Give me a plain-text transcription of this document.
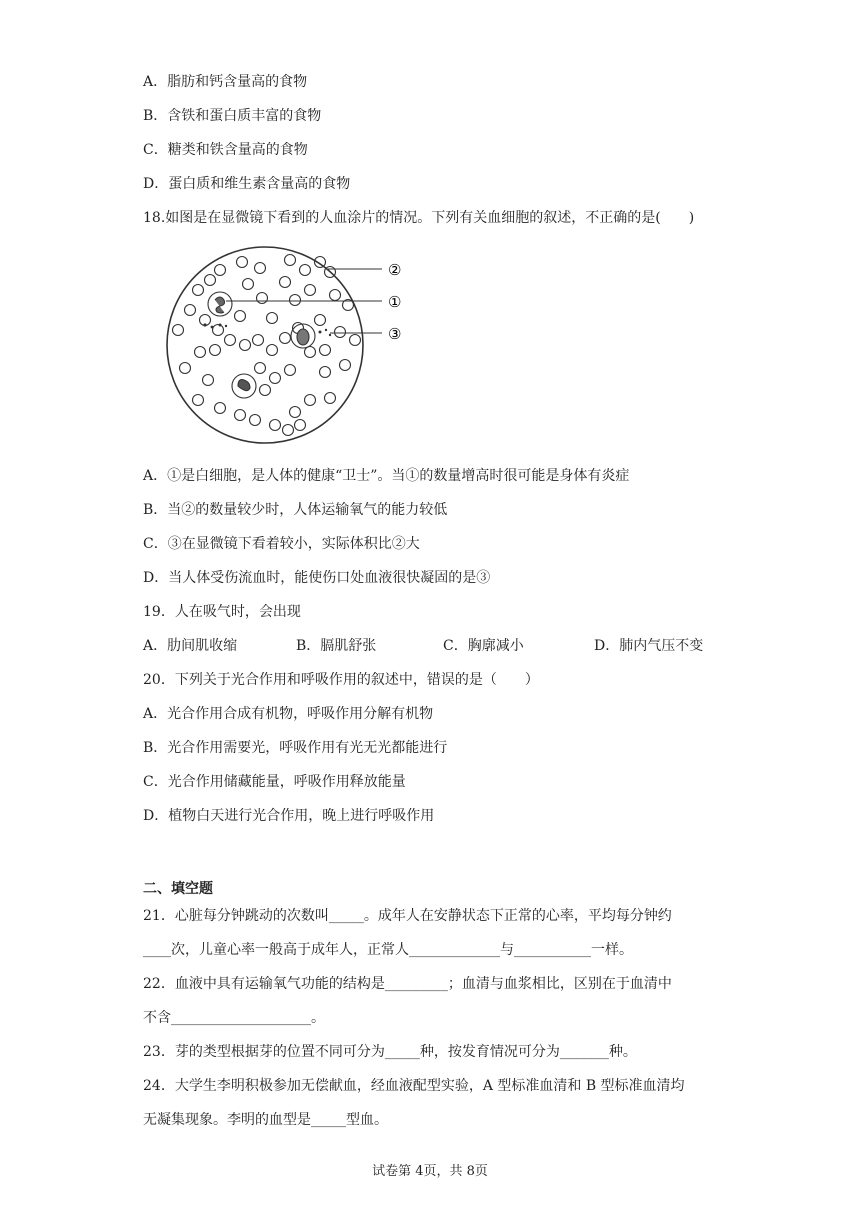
A．脂肪和钙含量高的食物
B．含铁和蛋白质丰富的食物
C．糖类和铁含量高的食物
D．蛋白质和维生素含量高的食物
18.如图是在显微镜下看到的人血涂片的情况。下列有关血细胞的叙述，不正确的是(　　)
②
①
③
A．①是白细胞，是人体的健康“卫士”。当①的数量增高时很可能是身体有炎症
B．当②的数量较少时，人体运输氧气的能力较低
C．③在显微镜下看着较小，实际体积比②大
D．当人体受伤流血时，能使伤口处血液很快凝固的是③
19．人在吸气时，会出现
A．肋间肌收缩	B．膈肌舒张	C．胸廓减小	D．肺内气压不变
20．下列关于光合作用和呼吸作用的叙述中，错误的是（　　）
A．光合作用合成有机物，呼吸作用分解有机物
B．光合作用需要光，呼吸作用有光无光都能进行
C．光合作用储藏能量，呼吸作用释放能量
D．植物白天进行光合作用，晚上进行呼吸作用
二、填空题
21．心脏每分钟跳动的次数叫_____。成年人在安静状态下正常的心率，平均每分钟约
____次，儿童心率一般高于成年人，正常人_____________与___________一样。
22．血液中具有运输氧气功能的结构是_________；血清与血浆相比，区别在于血清中
不含____________________。
23．芽的类型根据芽的位置不同可分为_____种，按发育情况可分为_______种。
24．大学生李明积极参加无偿献血，经血液配型实验，A 型标准血清和 B 型标准血清均
无凝集现象。李明的血型是_____型血。
试卷第 4页，共 8页
